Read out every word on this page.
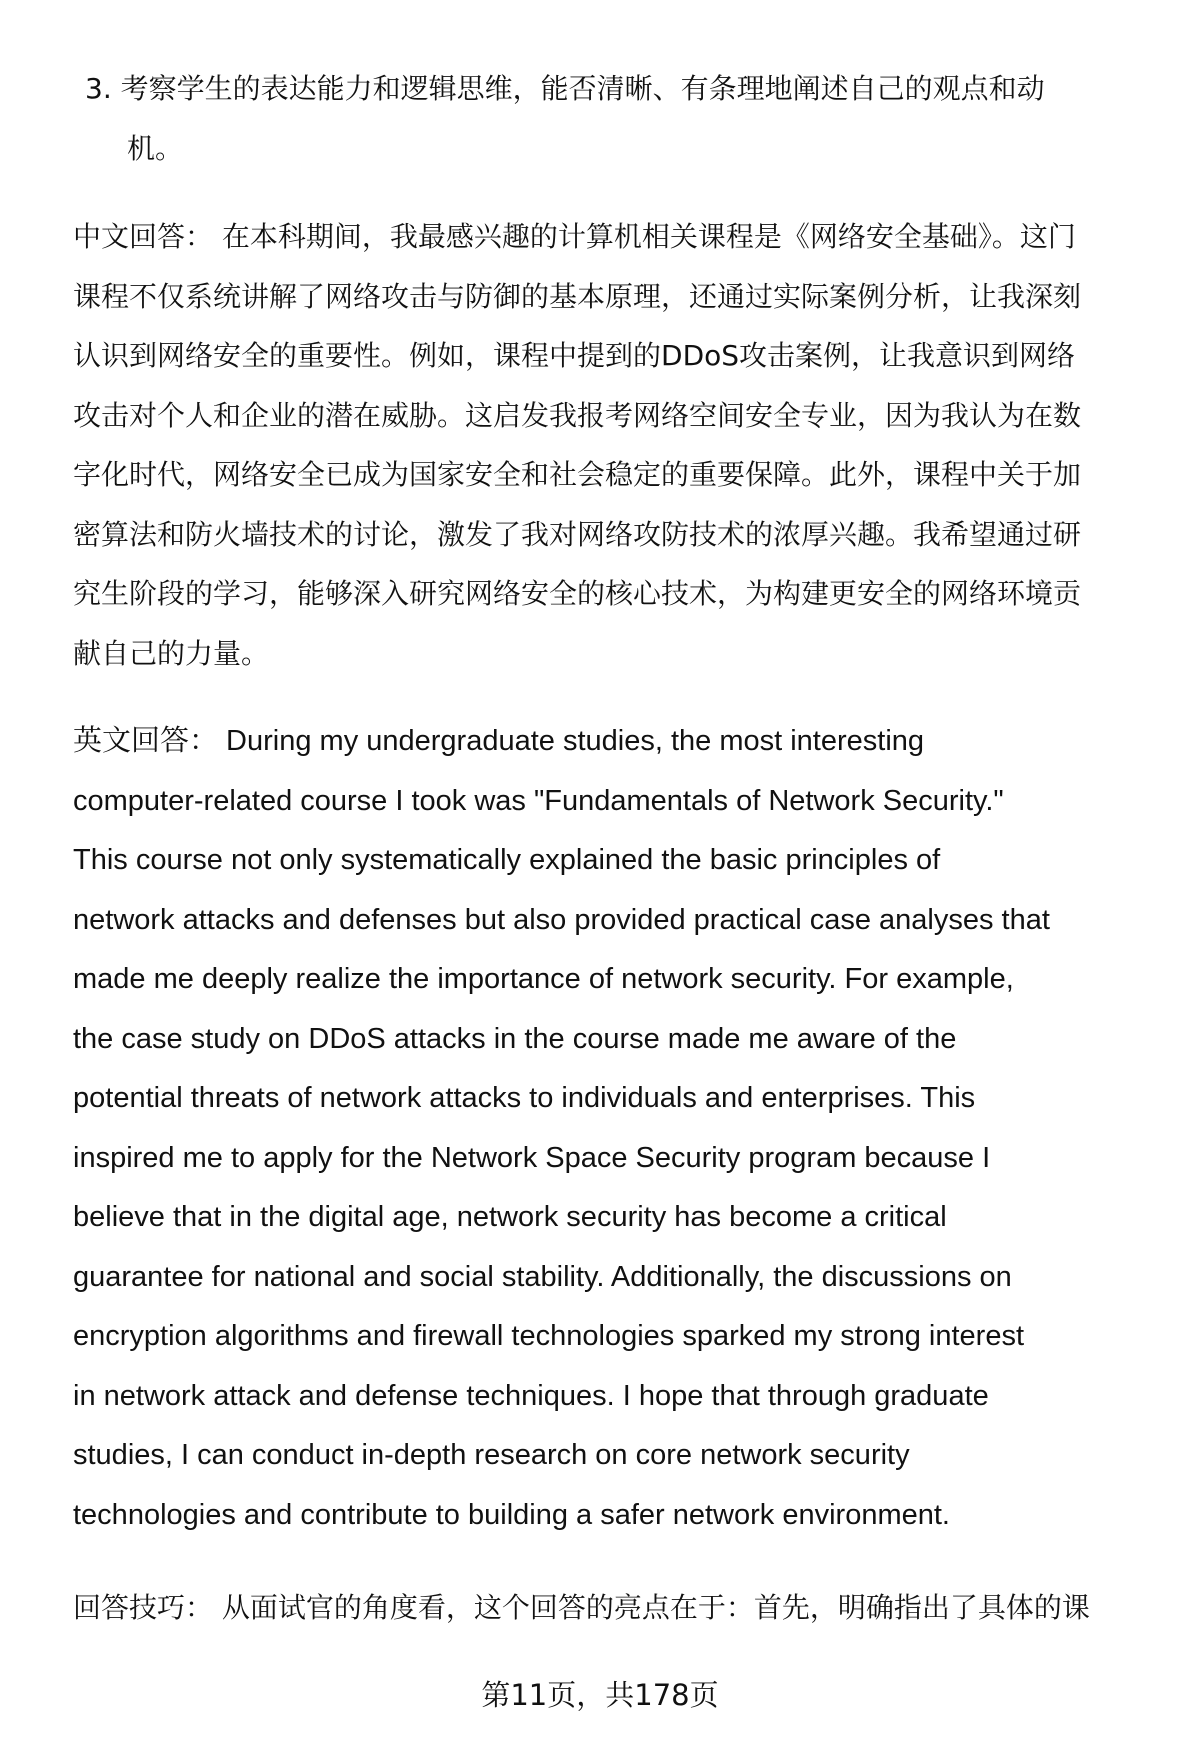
3. 考察学生的表达能力和逻辑思维，能否清晰、有条理地阐述自己的观点和动
机。
中文回答： 在本科期间，我最感兴趣的计算机相关课程是《网络安全基础》。这门
课程不仅系统讲解了网络攻击与防御的基本原理，还通过实际案例分析，让我深刻
认识到网络安全的重要性。例如，课程中提到的DDoS攻击案例，让我意识到网络
攻击对个人和企业的潜在威胁。这启发我报考网络空间安全专业，因为我认为在数
字化时代，网络安全已成为国家安全和社会稳定的重要保障。此外，课程中关于加
密算法和防火墙技术的讨论，激发了我对网络攻防技术的浓厚兴趣。我希望通过研
究生阶段的学习，能够深入研究网络安全的核心技术，为构建更安全的网络环境贡
献自己的力量。
英文回答： During my undergraduate studies, the most interesting
computer-related course I took was "Fundamentals of Network Security."
This course not only systematically explained the basic principles of
network attacks and defenses but also provided practical case analyses that
made me deeply realize the importance of network security. For example,
the case study on DDoS attacks in the course made me aware of the
potential threats of network attacks to individuals and enterprises. This
inspired me to apply for the Network Space Security program because I
believe that in the digital age, network security has become a critical
guarantee for national and social stability. Additionally, the discussions on
encryption algorithms and firewall technologies sparked my strong interest
in network attack and defense techniques. I hope that through graduate
studies, I can conduct in-depth research on core network security
technologies and contribute to building a safer network environment.
回答技巧： 从面试官的角度看，这个回答的亮点在于：首先，明确指出了具体的课
第11页，共178页
